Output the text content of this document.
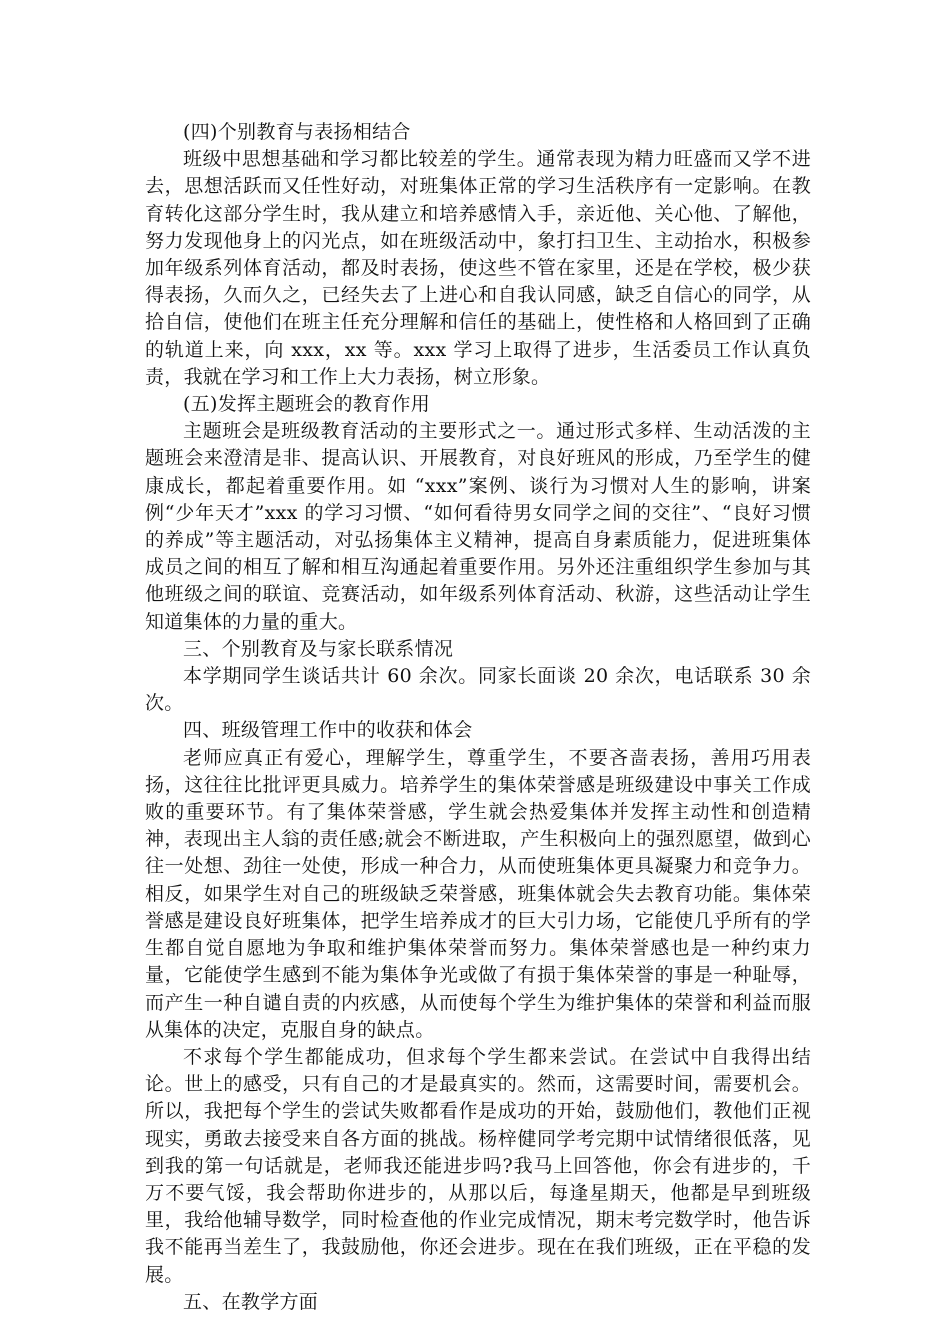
(四)个别教育与表扬相结合

班级中思想基础和学习都比较差的学生。通常表现为精力旺盛而又学不进去，思想活跃而又任性好动，对班集体正常的学习生活秩序有一定影响。在教育转化这部分学生时，我从建立和培养感情入手，亲近他、关心他、了解他，努力发现他身上的闪光点，如在班级活动中，象打扫卫生、主动抬水，积极参加年级系列体育活动，都及时表扬，使这些不管在家里，还是在学校，极少获得表扬，久而久之，已经失去了上进心和自我认同感，缺乏自信心的同学，从拾自信，使他们在班主任充分理解和信任的基础上，使性格和人格回到了正确的轨道上来，向 xxx，xx 等。xxx 学习上取得了进步，生活委员工作认真负责，我就在学习和工作上大力表扬，树立形象。

(五)发挥主题班会的教育作用

主题班会是班级教育活动的主要形式之一。通过形式多样、生动活泼的主题班会来澄清是非、提高认识、开展教育，对良好班风的形成，乃至学生的健康成长，都起着重要作用。如 “xxx”案例、谈行为习惯对人生的影响，讲案例“少年天才”xxx 的学习习惯、“如何看待男女同学之间的交往”、“良好习惯的养成”等主题活动，对弘扬集体主义精神，提高自身素质能力，促进班集体成员之间的相互了解和相互沟通起着重要作用。另外还注重组织学生参加与其他班级之间的联谊、竞赛活动，如年级系列体育活动、秋游，这些活动让学生知道集体的力量的重大。

三、个别教育及与家长联系情况

本学期同学生谈话共计 60 余次。同家长面谈 20 余次，电话联系 30 余次。

四、班级管理工作中的收获和体会

老师应真正有爱心，理解学生，尊重学生，不要吝啬表扬，善用巧用表扬，这往往比批评更具威力。培养学生的集体荣誉感是班级建设中事关工作成败的重要环节。有了集体荣誉感，学生就会热爱集体并发挥主动性和创造精神，表现出主人翁的责任感;就会不断进取，产生积极向上的强烈愿望，做到心往一处想、劲往一处使，形成一种合力，从而使班集体更具凝聚力和竞争力。相反，如果学生对自己的班级缺乏荣誉感，班集体就会失去教育功能。集体荣誉感是建设良好班集体，把学生培养成才的巨大引力场，它能使几乎所有的学生都自觉自愿地为争取和维护集体荣誉而努力。集体荣誉感也是一种约束力量，它能使学生感到不能为集体争光或做了有损于集体荣誉的事是一种耻辱，而产生一种自谴自责的内疚感，从而使每个学生为维护集体的荣誉和利益而服从集体的决定，克服自身的缺点。

不求每个学生都能成功，但求每个学生都来尝试。在尝试中自我得出结论。世上的感受，只有自己的才是最真实的。然而，这需要时间，需要机会。所以，我把每个学生的尝试失败都看作是成功的开始，鼓励他们，教他们正视现实，勇敢去接受来自各方面的挑战。杨梓健同学考完期中试情绪很低落，见到我的第一句话就是，老师我还能进步吗?我马上回答他，你会有进步的，千万不要气馁，我会帮助你进步的，从那以后，每逢星期天，他都是早到班级里，我给他辅导数学，同时检查他的作业完成情况，期末考完数学时，他告诉我不能再当差生了，我鼓励他，你还会进步。现在在我们班级，正在平稳的发展。

五、在教学方面
